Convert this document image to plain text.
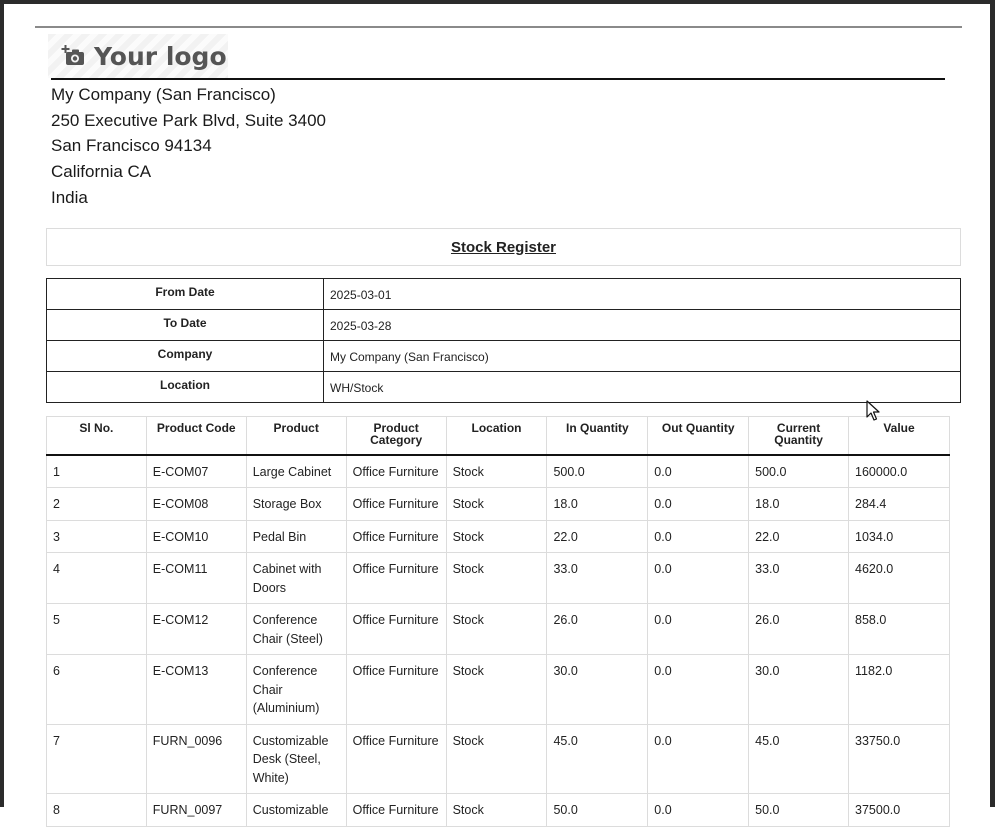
Your logo
My Company (San Francisco)
250 Executive Park Blvd, Suite 3400
San Francisco 94134
California CA
India
Stock Register
From Date	2025-03-01
To Date	2025-03-28
Company	My Company (San Francisco)
Location	WH/Stock
Sl No.	Product Code	Product	Product Category	Location	In Quantity	Out Quantity	Current Quantity	Value
1	E-COM07	Large Cabinet	Office Furniture	Stock	500.0	0.0	500.0	160000.0
2	E-COM08	Storage Box	Office Furniture	Stock	18.0	0.0	18.0	284.4
3	E-COM10	Pedal Bin	Office Furniture	Stock	22.0	0.0	22.0	1034.0
4	E-COM11	Cabinet with Doors	Office Furniture	Stock	33.0	0.0	33.0	4620.0
5	E-COM12	Conference Chair (Steel)	Office Furniture	Stock	26.0	0.0	26.0	858.0
6	E-COM13	Conference Chair (Aluminium)	Office Furniture	Stock	30.0	0.0	30.0	1182.0
7	FURN_0096	Customizable Desk (Steel, White)	Office Furniture	Stock	45.0	0.0	45.0	33750.0
8	FURN_0097	Customizable	Office Furniture	Stock	50.0	0.0	50.0	37500.0
